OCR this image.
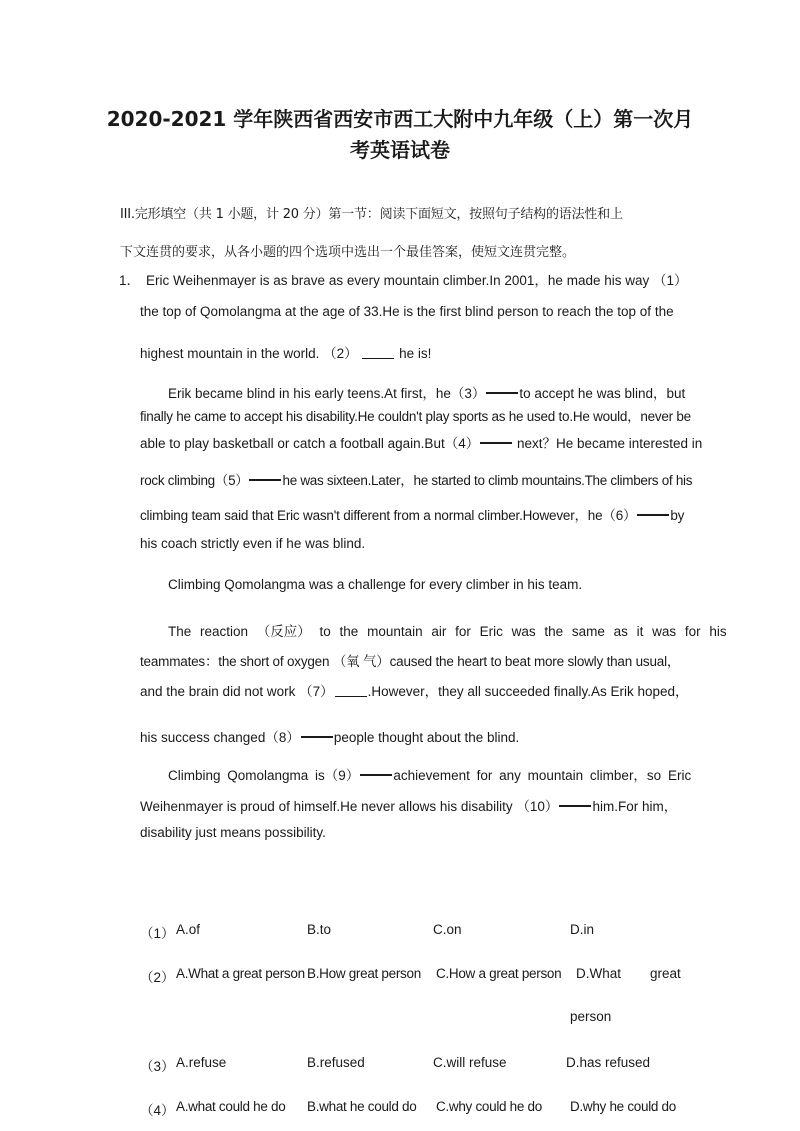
2020-2021 学年陕西省西安市西工大附中九年级（上）第一次月
考英语试卷
III.完形填空（共 1 小题，计 20 分）第一节：阅读下面短文，按照句子结构的语法性和上
下文连贯的要求，从各小题的四个选项中选出一个最佳答案，使短文连贯完整。
1． Eric Weihenmayer is as brave as every mountain climber.In 2001，he made his way （1）
the top of Qomolangma at the age of 33.He is the first blind person to reach the top of the
highest mountain in the world. （2）	he is!
Erik became blind in his early teens.At first，he（3）	to accept he was blind，but
finally he came to accept his disability.He couldn't play sports as he used to.He would，never be
able to play basketball or catch a football again.But（4）	next？He became interested in
rock climbing（5）	he was sixteen.Later，he started to climb mountains.The climbers of his
climbing team said that Eric wasn't different from a normal climber.However，he（6）	by
his coach strictly even if he was blind.
Climbing Qomolangma was a challenge for every climber in his team.
The reaction （反应） to the mountain air for Eric was the same as it was for his
teammates：the short of oxygen （氧 气）caused the heart to beat more slowly than usual，
and the brain did not work （7）	.However，they all succeeded finally.As Erik hoped，
his success changed（8）	people thought about the blind.
Climbing Qomolangma is（9）	achievement for any mountain climber，so Eric
Weihenmayer is proud of himself.He never allows his disability （10）	him.For him，
disability just means possibility.
（1） A.of	B.to	C.on	D.in
（2） A.What a great person B.How great person C.How a great person D.What great
person
（3） A.refuse	B.refused	C.will refuse	D.has refused
（4） A.what could he do B.what he could do C.why could he do D.why he could do
